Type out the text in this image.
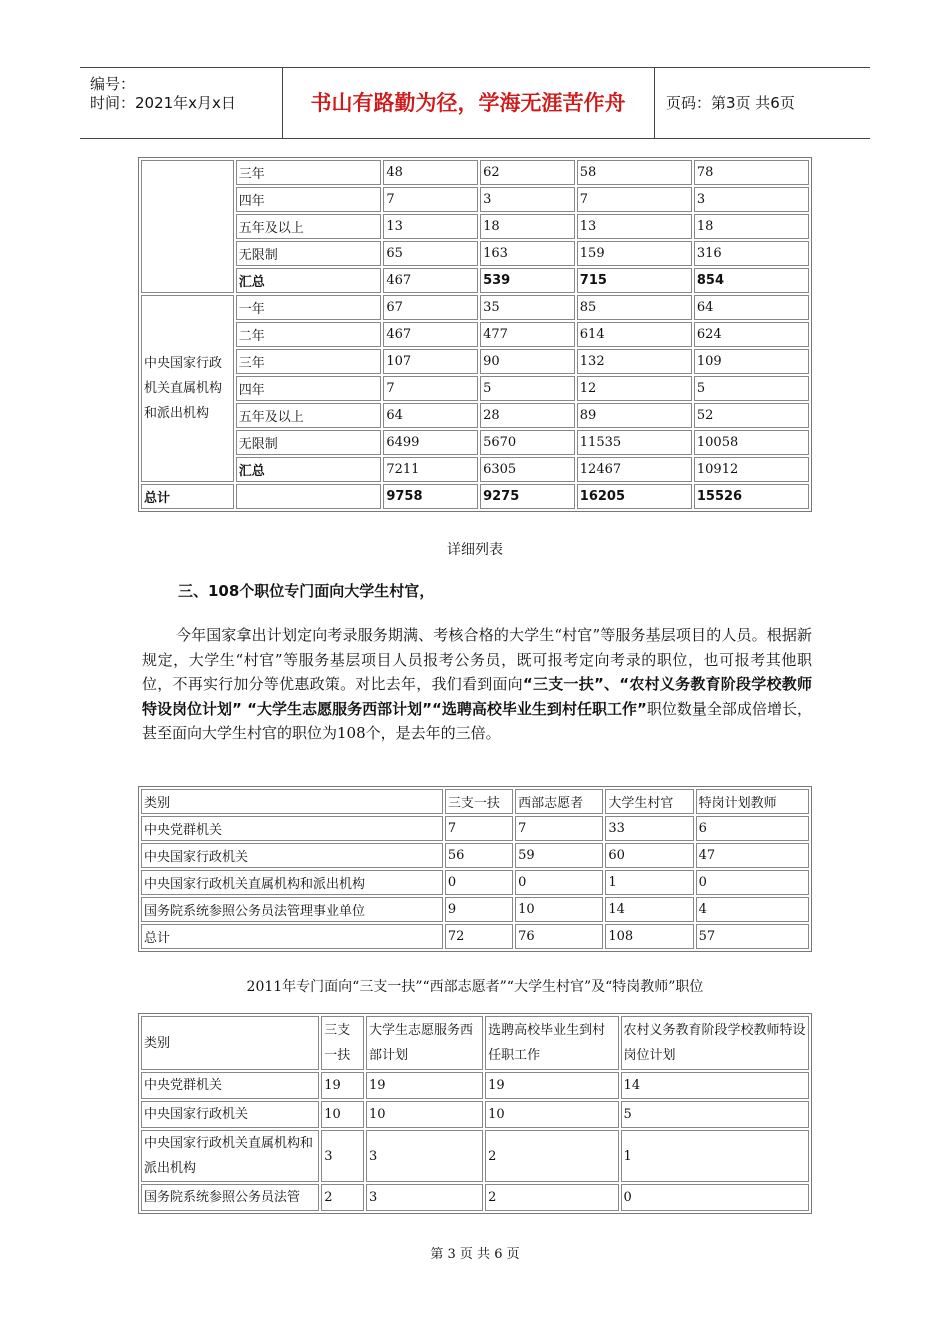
编号：
时间：2021年x月x日	书山有路勤为径，学海无涯苦作舟	页码：第3页 共6页
	三年	48	62	58	78
	四年	7	3	7	3
	五年及以上	13	18	13	18
	无限制	65	163	159	316
	汇总	467	539	715	854
中央国家行政机关直属机构和派出机构	一年	67	35	85	64
	二年	467	477	614	624
	三年	107	90	132	109
	四年	7	5	12	5
	五年及以上	64	28	89	52
	无限制	6499	5670	11535	10058
	汇总	7211	6305	12467	10912
总计		9758	9275	16205	15526
详细列表
三、108个职位专门面向大学生村官，
今年国家拿出计划定向考录服务期满、考核合格的大学生“村官”等服务基层项目的人员。根据新规定，大学生“村官”等服务基层项目人员报考公务员，既可报考定向考录的职位，也可报考其他职位，不再实行加分等优惠政策。对比去年，我们看到面向“三支一扶”、“农村义务教育阶段学校教师特设岗位计划” “大学生志愿服务西部计划”“选聘高校毕业生到村任职工作”职位数量全部成倍增长，甚至面向大学生村官的职位为108个，是去年的三倍。
类别	三支一扶	西部志愿者	大学生村官	特岗计划教师
中央党群机关	7	7	33	6
中央国家行政机关	56	59	60	47
中央国家行政机关直属机构和派出机构	0	0	1	0
国务院系统参照公务员法管理事业单位	9	10	14	4
总计	72	76	108	57
2011年专门面向“三支一扶”“西部志愿者”“大学生村官”及“特岗教师”职位
类别	三支一扶	大学生志愿服务西部计划	选聘高校毕业生到村任职工作	农村义务教育阶段学校教师特设岗位计划
中央党群机关	19	19	19	14
中央国家行政机关	10	10	10	5
中央国家行政机关直属机构和派出机构	3	3	2	1
国务院系统参照公务员法管	2	3	2	0
第 3 页 共 6 页
